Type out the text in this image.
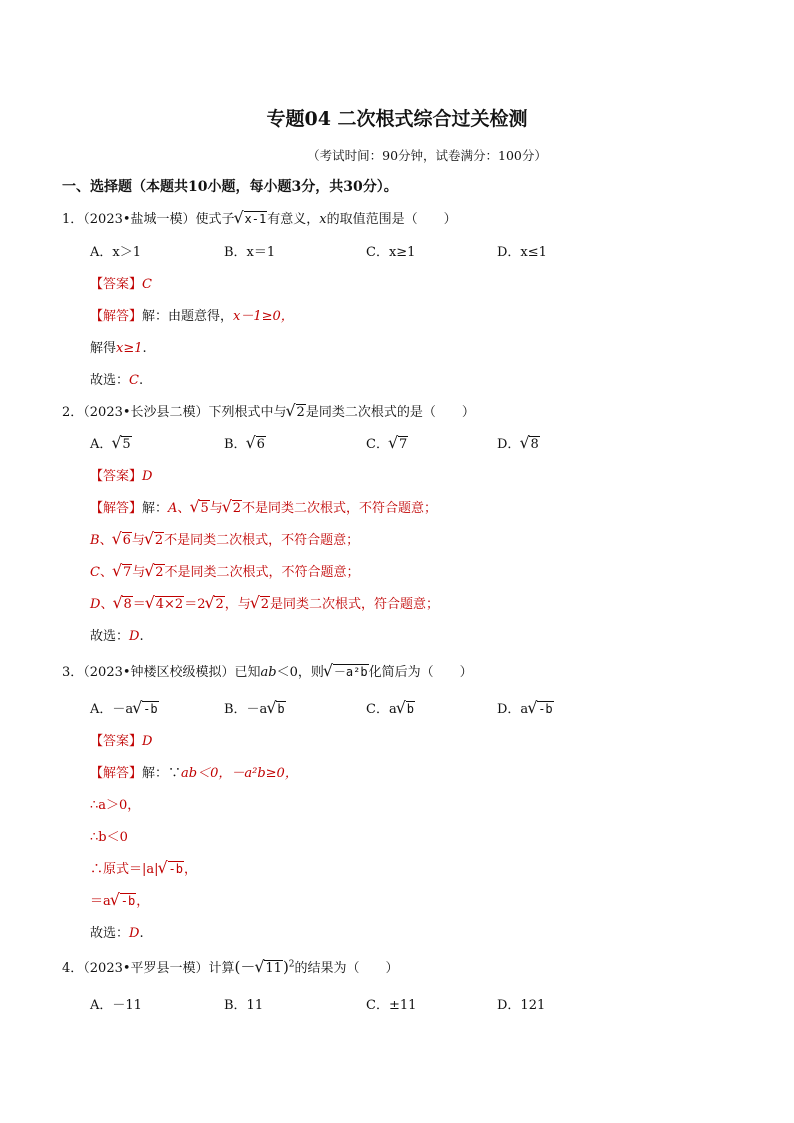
专题04 二次根式综合过关检测
（考试时间：90分钟，试卷满分：100分）
一、选择题（本题共10小题，每小题3分，共30分）。
1．（2023•盐城一模）使式子 √ x-1有意义，x的取值范围是（　　）
A．x＞1	B．x＝1	C．x≥1	D．x≤1
【答案】C
【解答】解：由题意得，x－1≥0，
解得x≥1.
故选：C.
2．（2023•长沙县二模）下列根式中与 √ 2是同类二次根式的是（　　）
A． √ 5	B． √ 6	C． √ 7	D． √ 8
【答案】D
【解答】解：A、 √ 5与 √ 2不是同类二次根式，不符合题意；
B、 √ 6与 √ 2不是同类二次根式，不符合题意；
C、 √ 7与 √ 2不是同类二次根式，不符合题意；
D、 √ 8＝ √ 4×2＝2 √ 2，与 √ 2是同类二次根式，符合题意；
故选：D.
3．（2023•钟楼区校级模拟）已知ab＜0，则 √ －a²b化简后为（　　）
A．－a √ -b	B．－a √ b	C．a √ b	D．a √ -b
【答案】D
【解答】解：∵ab＜0，－a²b≥0，
∴a＞0，
∴b＜0
∴原式＝|a| √ -b，
＝a √ -b，
故选：D.
4．（2023•平罗县一模）计算(－ √ 11)$^2$的结果为（　　）
A．－11	B．11	C．±11	D．121
